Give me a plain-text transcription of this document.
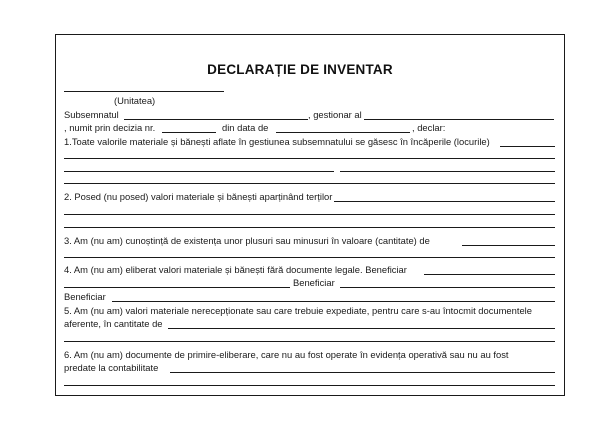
DECLARAȚIE DE INVENTAR
(Unitatea)
Subsemnatul	, gestionar al
, numit prin decizia nr.	din data de	, declar:
1.Toate valorile materiale și bănești aflate în gestiunea subsemnatului se găsesc în încăperile (locurile)
2. Posed (nu posed) valori materiale și bănești aparținând terților
3. Am (nu am) cunoștință de existența unor plusuri sau minusuri în valoare (cantitate) de
4. Am (nu am) eliberat valori materiale și bănești fără documente legale. Beneficiar
Beneficiar
Beneficiar
5. Am (nu am) valori materiale nerecepționate sau care trebuie expediate, pentru care s-au întocmit documentele
aferente, în cantitate de
6. Am (nu am) documente de primire-eliberare, care nu au fost operate în evidența operativă sau nu au fost
predate la contabilitate
